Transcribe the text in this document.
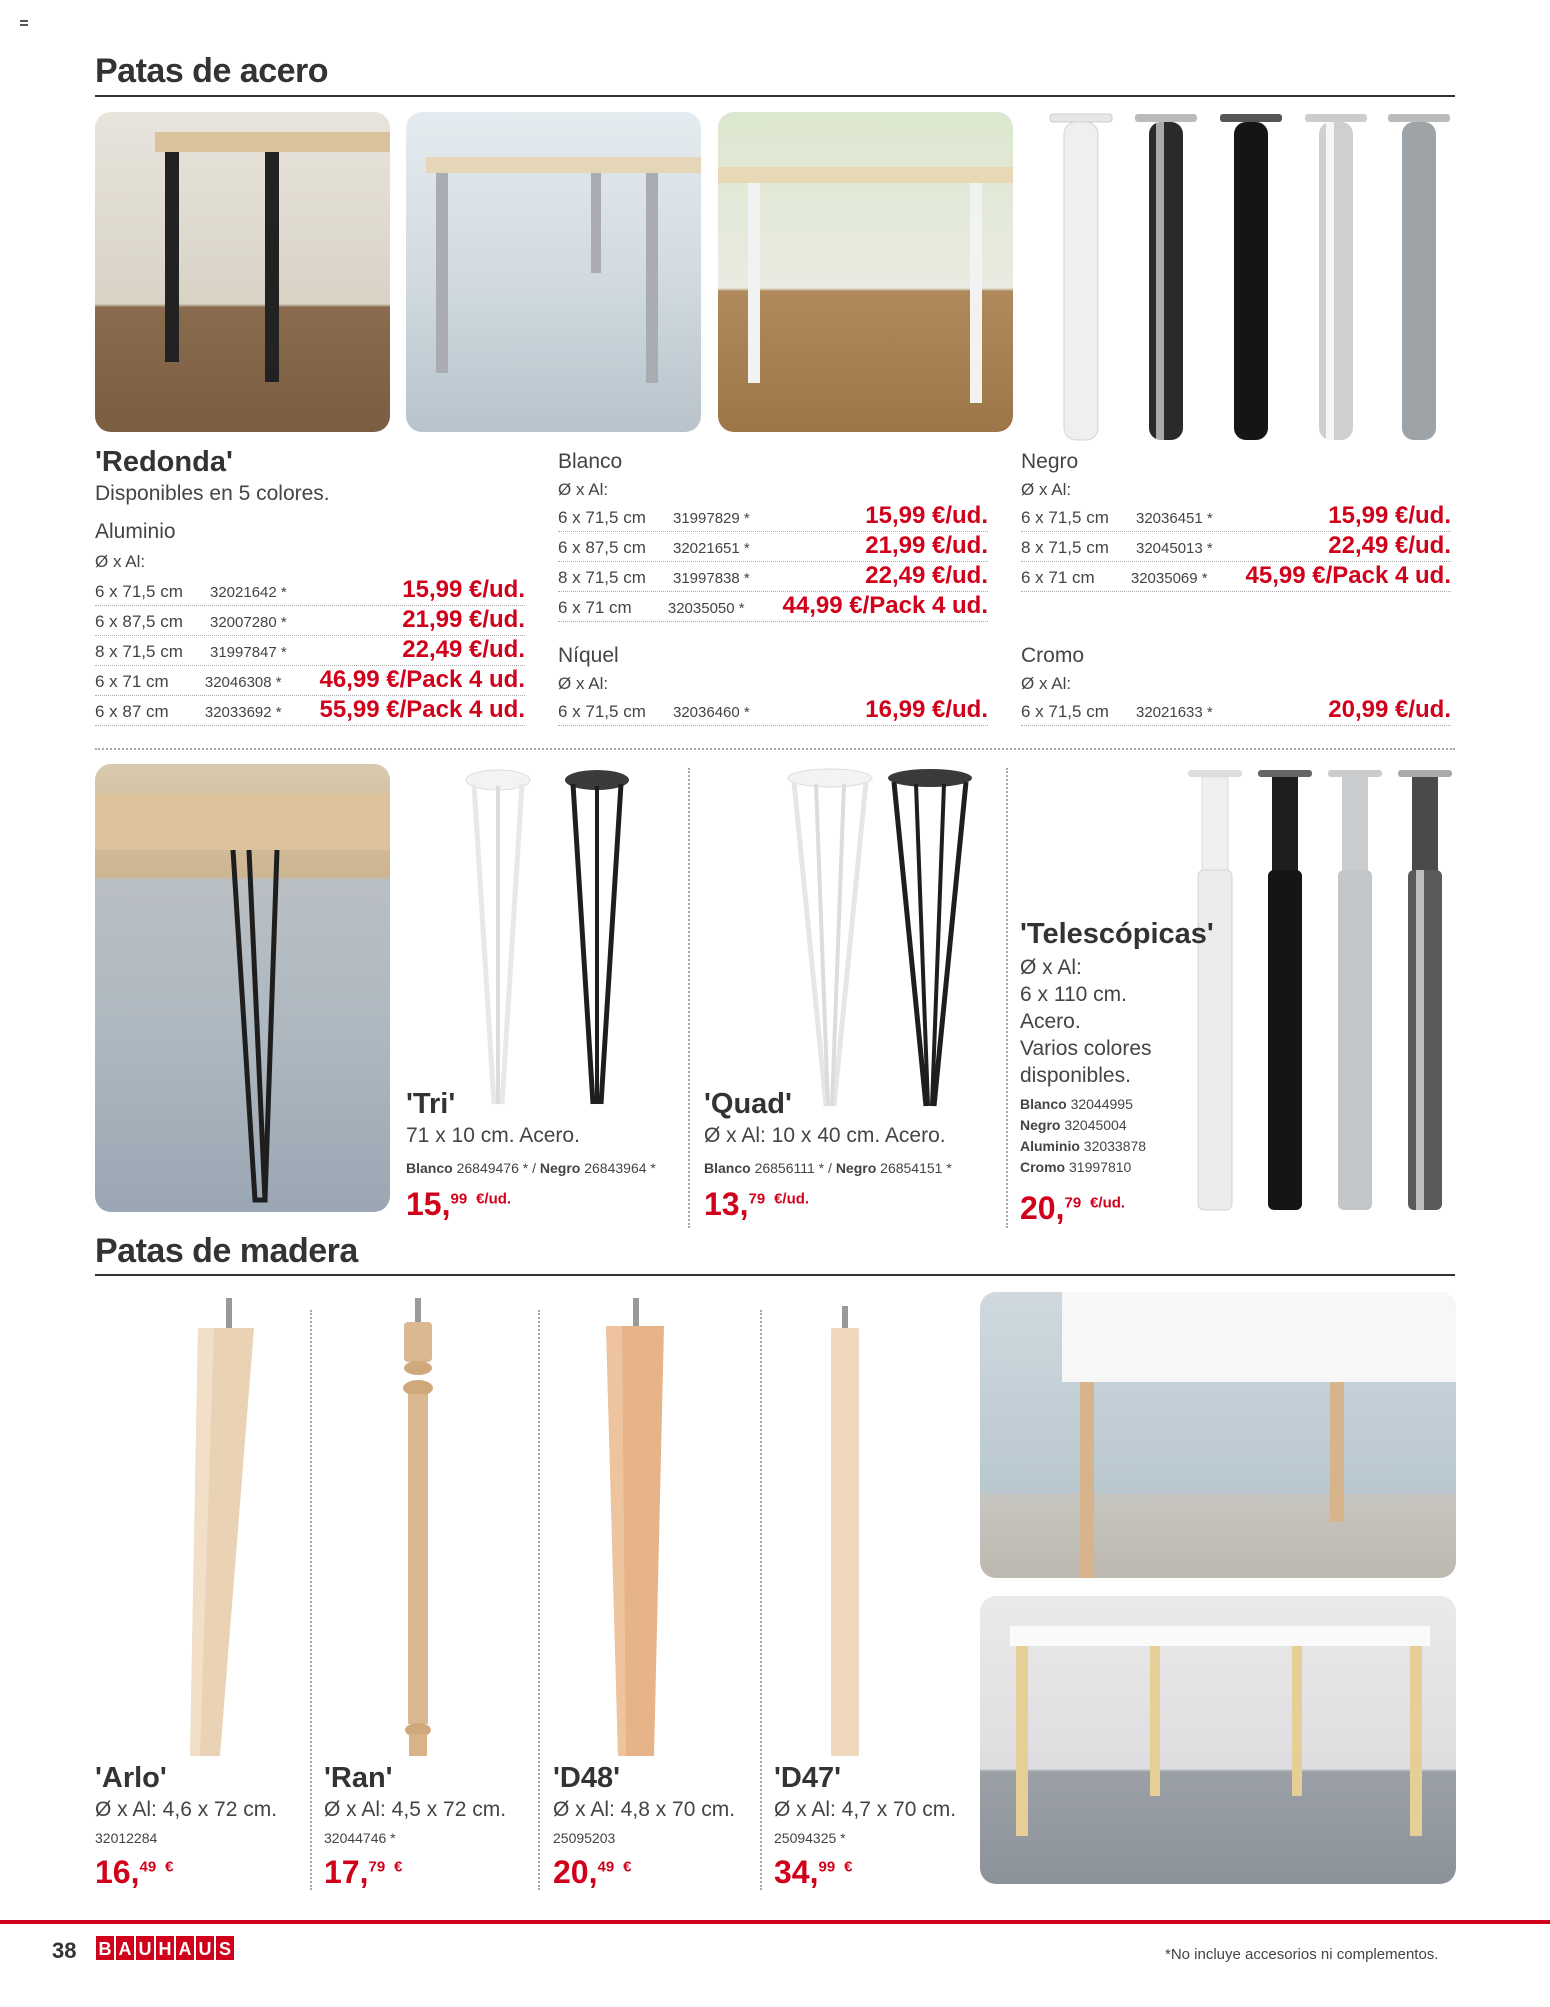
Patas de acero
'Redonda'
Disponibles en 5 colores.
Aluminio
Ø x Al:
6 x 71,5 cm	32021642 *	15,99 €/ud.
6 x 87,5 cm	32007280 *	21,99 €/ud.
8 x 71,5 cm	31997847 *	22,49 €/ud.
6 x 71 cm	32046308 *	46,99 €/Pack 4 ud.
6 x 87 cm	32033692 *	55,99 €/Pack 4 ud.
Blanco
Ø x Al:
6 x 71,5 cm	31997829 *	15,99 €/ud.
6 x 87,5 cm	32021651 *	21,99 €/ud.
8 x 71,5 cm	31997838 *	22,49 €/ud.
6 x 71 cm	32035050 *	44,99 €/Pack 4 ud.
Níquel
Ø x Al:
6 x 71,5 cm	32036460 *	16,99 €/ud.
Negro
Ø x Al:
6 x 71,5 cm	32036451 *	15,99 €/ud.
8 x 71,5 cm	32045013 *	22,49 €/ud.
6 x 71 cm	32035069 *	45,99 €/Pack 4 ud.
Cromo
Ø x Al:
6 x 71,5 cm	32021633 *	20,99 €/ud.
'Tri'
71 x 10 cm. Acero.
Blanco 26849476 * / Negro 26843964 *
15,99 $^{€/ud.}$
'Quad'
Ø x Al: 10 x 40 cm. Acero.
Blanco 26856111 * / Negro 26854151 *
13,79 $^{€/ud.}$
'Telescópicas'
Ø x Al:
6 x 110 cm.
Acero.
Varios colores
disponibles.
Blanco 32044995
Negro 32045004
Aluminio 32033878
Cromo 31997810
20,79 $^{€/ud.}$
Patas de madera
'Arlo'
Ø x Al: 4,6 x 72 cm.
32012284
16,49 €
'Ran'
Ø x Al: 4,5 x 72 cm.
32044746 *
17,79 €
'D48'
Ø x Al: 4,8 x 70 cm.
25095203
20,49 €
'D47'
Ø x Al: 4,7 x 70 cm.
25094325 *
34,99 €
38 B A U H A U S	*No incluye accesorios ni complementos.
